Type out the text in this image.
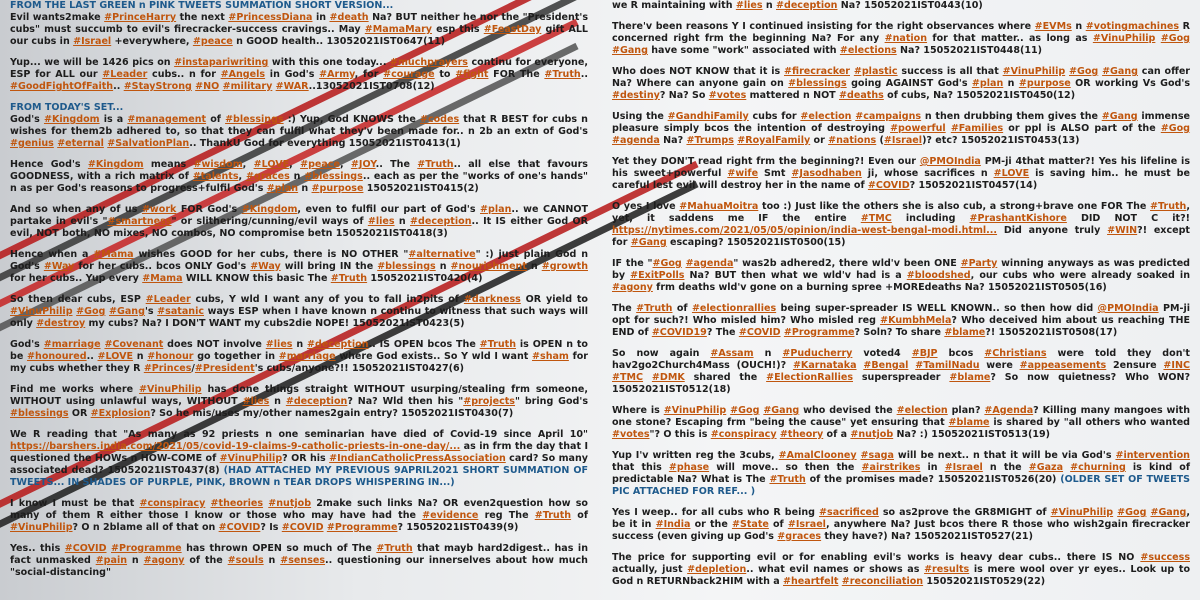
FROM THE LAST GREEN n PINK TWEETS SUMMATION SHORT VERSION...

Evil wants2make #PrinceHarry the next #PrincessDiana in #death Na? BUT neither he nor the "President's cubs" must succumb to evil's firecracker-success cravings.. May #MamaMary esp this #FeastDay gift ALL our cubs in #Israel +everywhere, #peace n GOOD health.. 13052021IST0647(11)

Yup... we will be 1426 pics on #instapariwriting with this one today... #muchprayers continu for everyone, ESP for ALL our #Leader cubs.. n for #Angels in God's #Army, for #courage to #fight FOR The #Truth.. #GoodFightOfFaith.. #StayStrong #NO #military #WAR..13052021IST0708(12)

FROM TODAY'S SET...

God's #Kingdom is a #management of #blessings :) Yup, God KNOWS the #codes that R BEST for cubs n wishes for them2b adhered to, so that they can fulfil what they'v been made for.. n 2b an extn of God's #genius #eternal #SalvationPlan.. ThankU God for everything 15052021IST0413(1)

Hence God's #Kingdom means #wisdom, #LOVE, #peace, #JOY.. The #Truth.. all else that favours GOODNESS, with a rich matrix of #talents, #graces n #blessings.. each as per the "works of one's hands" n as per God's reasons to progress+fulfil God's #plan n #purpose 15052021IST0415(2)

And so when any of us #work FOR God's #Kingdom, even to fulfil our part of God's #plan.. we CANNOT partake in evil's "#smartness" or slithering/cunning/evil ways of #lies n #deception.. It IS either God OR evil, NOT both, NO mixes, NO combos, NO compromise betn 15052021IST0418(3)

Hence when a #Mama wishes GOOD for her cubs, there is NO OTHER "#alternative" :) just plain God n God's #Way for her cubs.. bcos ONLY God's #Way will bring IN the #blessings n #nourishment n #growth for her cubs.. Yup every #Mama WILL KNOW this basic The #Truth 15052021IST0420(4)

So then dear cubs, ESP #Leader cubs, Y wld I want any of you to fall in2pits of #darkness OR yield to #VinuPhilip #Gog #Gang's #satanic ways ESP when I have known n continu to witness that such ways will only #destroy my cubs? Na? I DON'T WANT my cubs2die NOPE! 15052021IST0423(5)

God's #marriage #Covenant does NOT involve #lies n #deception.. IS OPEN bcos The #Truth is OPEN n to be #honoured.. #LOVE n #honour go together in #marriage where God exists.. So Y wld I want #sham for my cubs whether they R #Princes/#President's cubs/anyone?!! 15052021IST0427(6)

Find me works where #VinuPhilip has done things straight WITHOUT usurping/stealing frm someone, WITHOUT using unlawful ways, WITHOUT #lies n #deception? Na? Wld then his "#projects" bring God's #blessings OR #Explosion? So he mis/uses my/other names2gain entry? 15052021IST0430(7)

We R reading that "As many as 92 priests n one seminarian have died of Covid-19 since April 10" https://barshers.india.com/2021/05/covid-19-claims-9-catholic-priests-in-one-day/... as in frm the day that I questioned the HOWs n HOW-COME of #VinuPhilip? OR his #IndianCatholicPressAssociation card? So many associated dead? 15052021IST0437(8) (HAD ATTACHED MY PREVIOUS 9APRIL2021 SHORT SUMMATION OF TWEETS... IN SHADES OF PURPLE, PINK, BROWN n TEAR DROPS WHISPERING IN...)

I know I must be that #conspiracy #theories #nutjob 2make such links Na? OR even2question how so many of them R either those I know or those who may have had the #evidence reg The #Truth of #VinuPhilip? O n 2blame all of that on #COVID? Is #COVID #Programme? 15052021IST0439(9)

Yes.. this #COVID #Programme has thrown OPEN so much of The #Truth that mayb hard2digest.. has in fact unmasked #pain n #agony of the #souls n #senses.. questioning our innerselves about how much "social-distancing"

we R maintaining with #lies n #deception Na? 15052021IST0443(10)

There'v been reasons Y I continued insisting for the right observances where #EVMs n #votingmachines R concerned right frm the beginning Na? For any #nation for that matter.. as long as #VinuPhilip #Gog #Gang have some "work" associated with #elections Na? 15052021IST0448(11)

Who does NOT KNOW that it is #firecracker #plastic success is all that #VinuPhilip #Gog #Gang can offer Na? Where can anyone gain on #blessings going AGAINST God's #plan n #purpose OR working Vs God's #destiny? Na? So #votes mattered n NOT #deaths of cubs, Na? 15052021IST0450(12)

Using the #GandhiFamily cubs for #election #campaigns n then drubbing them gives the #Gang immense pleasure simply bcos the intention of destroying #powerful #Families or ppl is ALSO part of the #Gog #agenda Na? #Trumps #RoyalFamily or #nations (#Israel)? etc? 15052021IST0453(13)

Yet they DON'T read right frm the beginning?! Even our @PMOIndia PM-ji 4that matter?! Yes his lifeline is his sweet+powerful #wife Smt #Jasodhaben ji, whose sacrifices n #LOVE is saving him.. he must be careful lest evil will destroy her in the name of #COVID? 15052021IST0457(14)

O yes I love #MahuaMoitra too :) Just like the others she is also cub, a strong+brave one FOR The #Truth, yet, it saddens me IF the entire #TMC including #PrashantKishore DID NOT C it?! https://nytimes.com/2021/05/05/opinion/india-west-bengal-modi.html... Did anyone truly #WIN?! except for #Gang escaping? 15052021IST0500(15)

IF the "#Gog #agenda" was2b adhered2, there wld'v been ONE #Party winning anyways as was predicted by #ExitPolls Na? BUT then what we wld'v had is a #bloodshed, our cubs who were already soaked in #agony frm deaths wld'v gone on a burning spree +MOREdeaths Na? 15052021IST0505(16)

The #Truth of #electionrallies being super-spreader IS WELL KNOWN.. so then how did @PMOIndia PM-ji opt for such?! Who misled him? Who misled reg #KumbhMela? Who deceived him about us reaching THE END of #COVID19? The #COVID #Programme? Soln? To share #blame?! 15052021IST0508(17)

So now again #Assam n #Puducherry voted4 #BJP bcos #Christians were told they don't hav2go2Church4Mass (OUCH!)? #Karnataka #Bengal #TamilNadu were #appeasements 2ensure #INC #TMC #DMK shared the #ElectionRallies superspreader #blame? So now quietness? Who WON? 15052021IST0512(18)

Where is #VinuPhilip #Gog #Gang who devised the #election plan? #Agenda? Killing many mangoes with one stone? Escaping frm "being the cause" yet ensuring that #blame is shared by "all others who wanted #votes"? O this is #conspiracy #theory of a #nutjob Na? :) 15052021IST0513(19)

Yup I'v written reg the 3cubs, #AmalClooney #saga will be next.. n that it will be via God's #intervention that this #phase will move.. so then the #airstrikes in #Israel n the #Gaza #churning is kind of predictable Na? What is The #Truth of the promises made? 15052021IST0526(20) (OLDER SET OF TWEETS PIC ATTACHED FOR REF... )

Yes I weep.. for all cubs who R being #sacrificed so as2prove the GR8MIGHT of #VinuPhilip #Gog #Gang, be it in #India or the #State of #Israel, anywhere Na? Just bcos there R those who wish2gain firecracker success (even giving up God's #graces they have?) Na? 15052021IST0527(21)

The price for supporting evil or for enabling evil's works is heavy dear cubs.. there IS NO #success actually, just #depletion.. what evil names or shows as #results is mere wool over yr eyes.. Look up to God n RETURNback2HIM with a #heartfelt #reconciliation 15052021IST0529(22)
